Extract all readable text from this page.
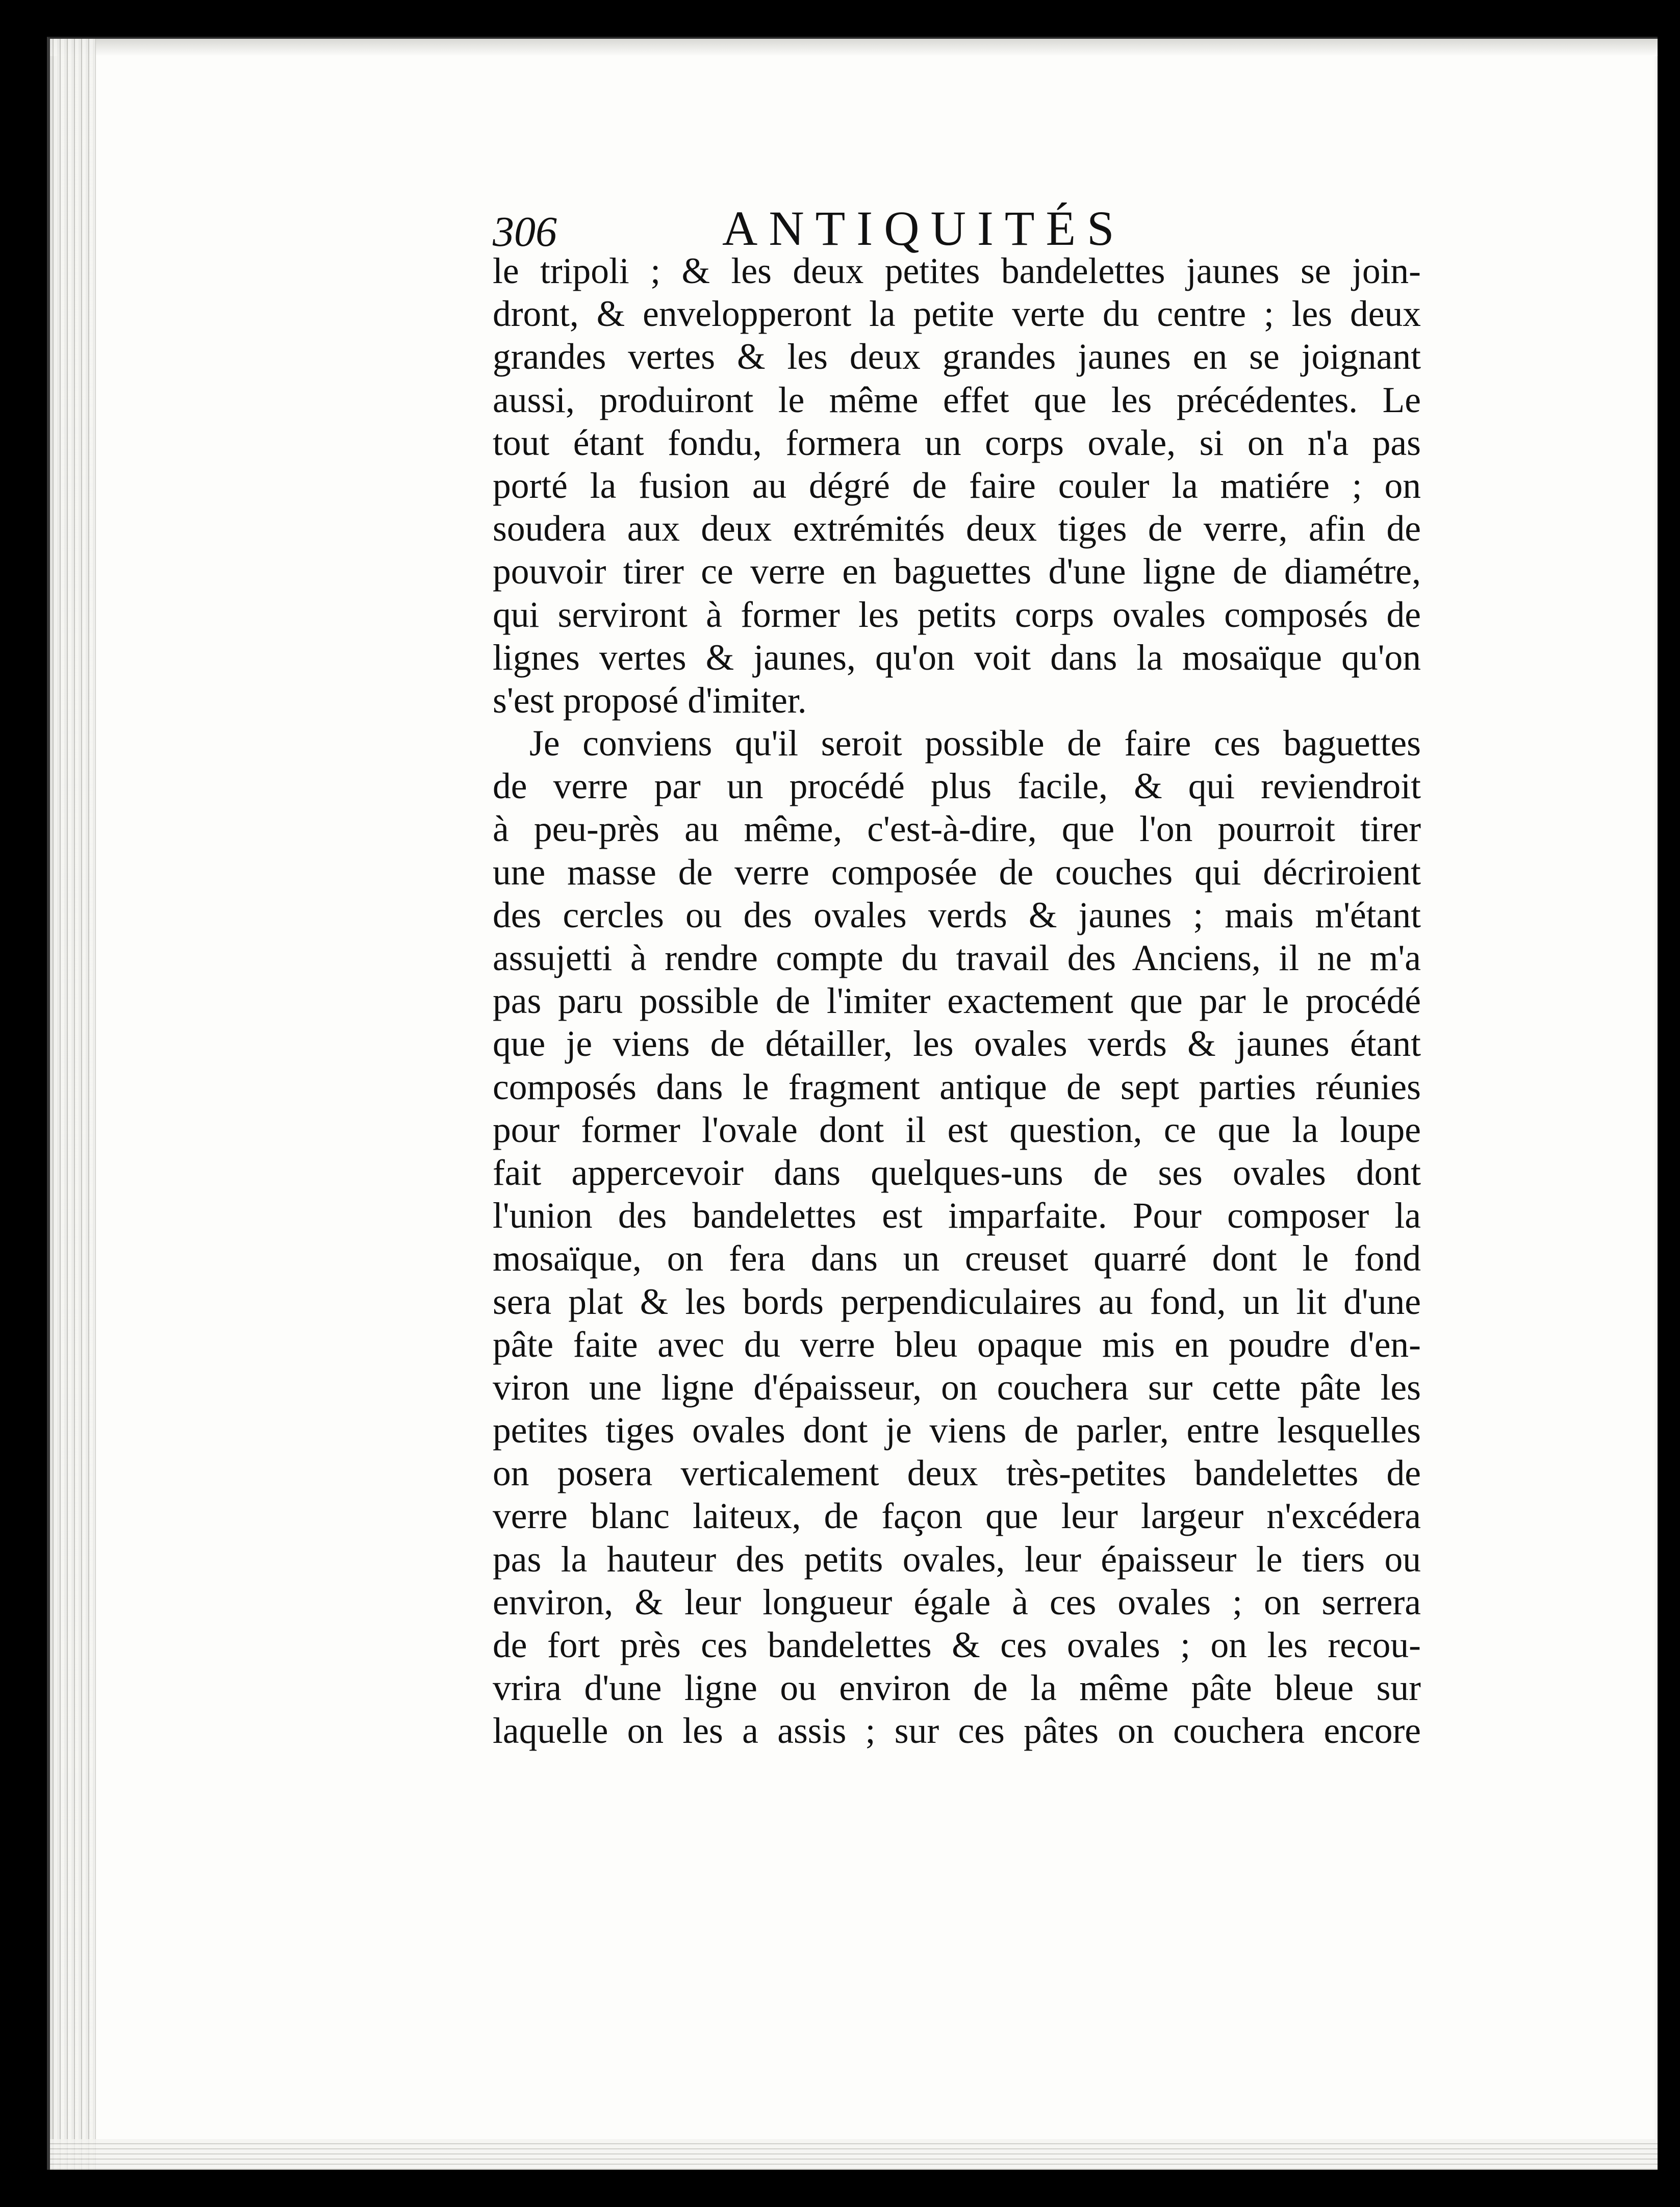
306	ANTIQUITÉS
le tripoli ; & les deux petites bandelettes jaunes se join-
dront, & envelopperont la petite verte du centre ; les deux
grandes vertes & les deux grandes jaunes en se joignant
aussi, produiront le même effet que les précédentes. Le
tout étant fondu, formera un corps ovale, si on n'a pas
porté la fusion au dégré de faire couler la matiére ; on
soudera aux deux extrémités deux tiges de verre, afin de
pouvoir tirer ce verre en baguettes d'une ligne de diamétre,
qui serviront à former les petits corps ovales composés de
lignes vertes & jaunes, qu'on voit dans la mosaïque qu'on
s'est proposé d'imiter.
Je conviens qu'il seroit possible de faire ces baguettes
de verre par un procédé plus facile, & qui reviendroit
à peu-près au même, c'est-à-dire, que l'on pourroit tirer
une masse de verre composée de couches qui décriroient
des cercles ou des ovales verds & jaunes ; mais m'étant
assujetti à rendre compte du travail des Anciens, il ne m'a
pas paru possible de l'imiter exactement que par le procédé
que je viens de détailler, les ovales verds & jaunes étant
composés dans le fragment antique de sept parties réunies
pour former l'ovale dont il est question, ce que la loupe
fait appercevoir dans quelques-uns de ses ovales dont
l'union des bandelettes est imparfaite. Pour composer la
mosaïque, on fera dans un creuset quarré dont le fond
sera plat & les bords perpendiculaires au fond, un lit d'une
pâte faite avec du verre bleu opaque mis en poudre d'en-
viron une ligne d'épaisseur, on couchera sur cette pâte les
petites tiges ovales dont je viens de parler, entre lesquelles
on posera verticalement deux très-petites bandelettes de
verre blanc laiteux, de façon que leur largeur n'excédera
pas la hauteur des petits ovales, leur épaisseur le tiers ou
environ, & leur longueur égale à ces ovales ; on serrera
de fort près ces bandelettes & ces ovales ; on les recou-
vrira d'une ligne ou environ de la même pâte bleue sur
laquelle on les a assis ; sur ces pâtes on couchera encore
